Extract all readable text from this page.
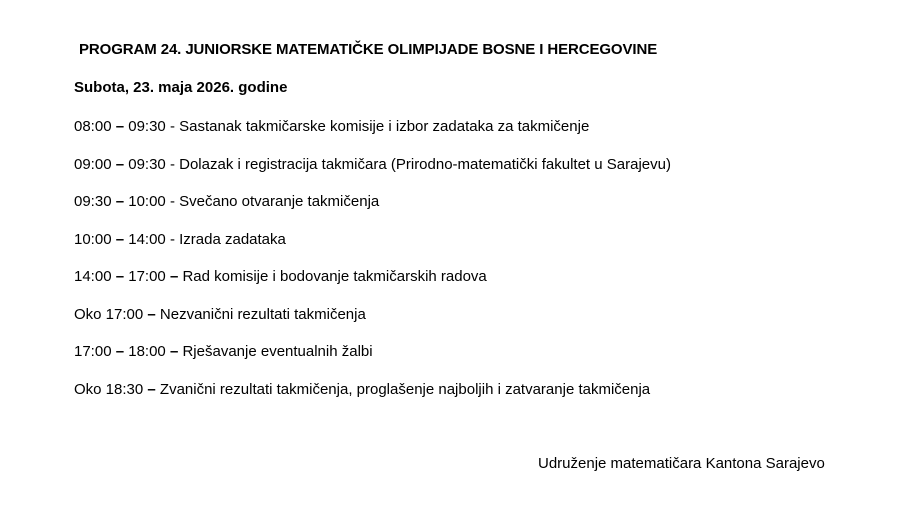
PROGRAM 24. JUNIORSKE MATEMATIČKE OLIMPIJADE BOSNE I HERCEGOVINE
Subota, 23. maja 2026. godine
08:00 – 09:30 - Sastanak takmičarske komisije i izbor zadataka za takmičenje
09:00 – 09:30 - Dolazak i registracija takmičara (Prirodno-matematički fakultet u Sarajevu)
09:30 – 10:00 - Svečano otvaranje takmičenja
10:00 – 14:00 - Izrada zadataka
14:00 – 17:00 – Rad komisije i bodovanje takmičarskih radova
Oko 17:00 – Nezvanični rezultati takmičenja
17:00 – 18:00 – Rješavanje eventualnih žalbi
Oko 18:30 – Zvanični rezultati takmičenja, proglašenje najboljih i zatvaranje takmičenja
Udruženje matematičara Kantona Sarajevo
